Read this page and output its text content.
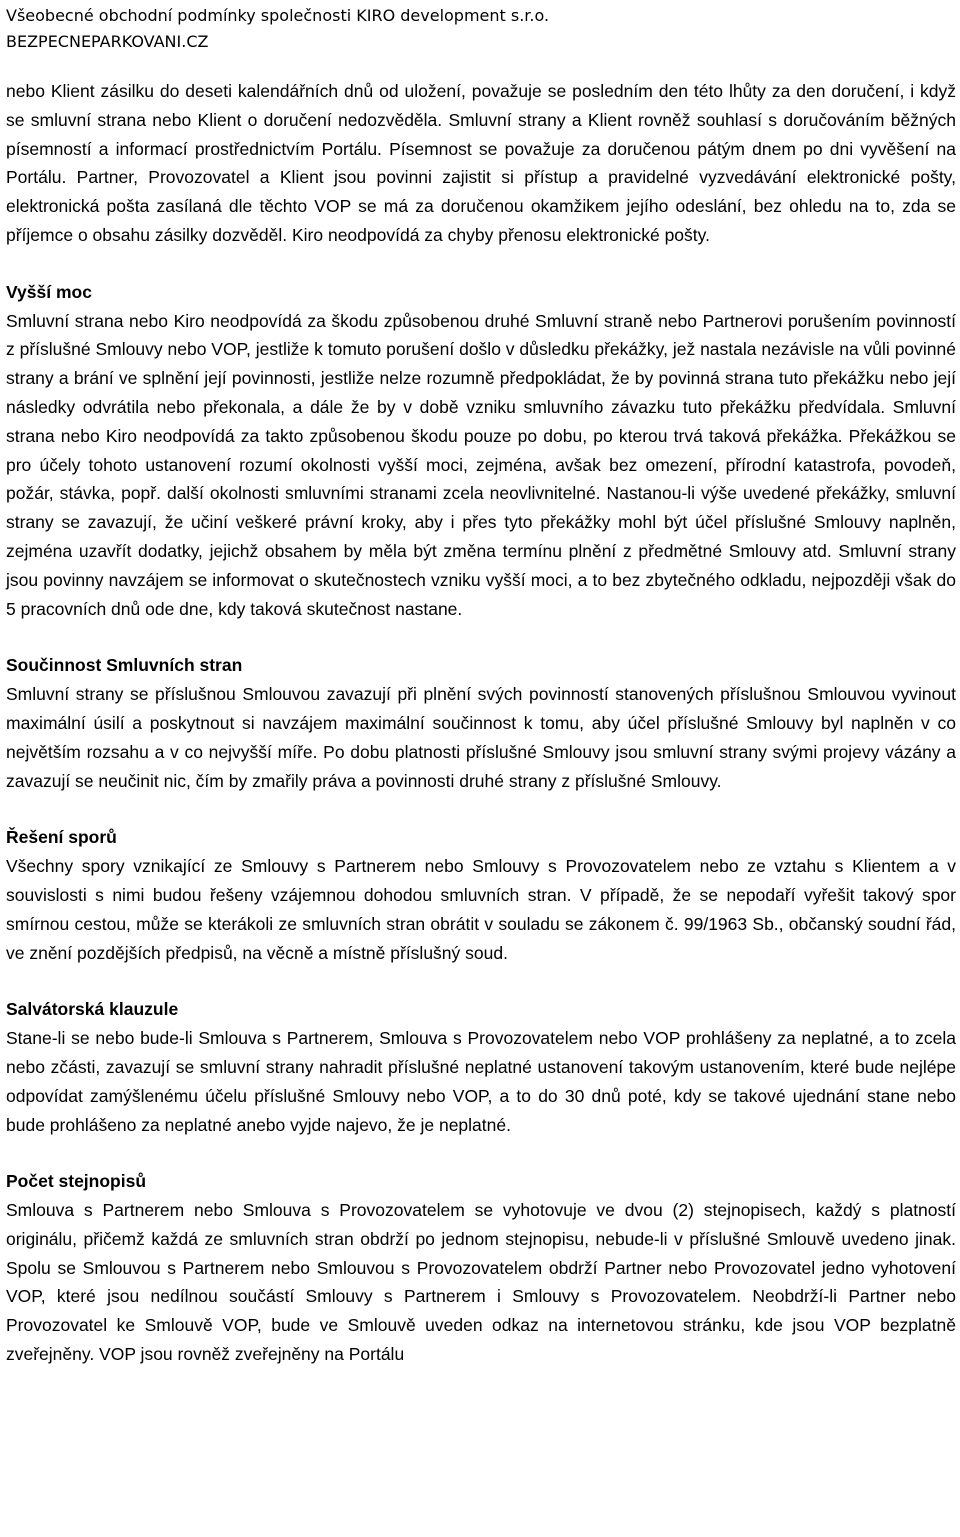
Všeobecné obchodní podmínky společnosti KIRO development s.r.o.
BEZPECNEPARKOVANI.CZ

nebo Klient zásilku do deseti kalendářních dnů od uložení, považuje se posledním den této lhůty za den doručení, i když se smluvní strana nebo Klient o doručení nedozvěděla. Smluvní strany a Klient rovněž souhlasí s doručováním běžných písemností a informací prostřednictvím Portálu. Písemnost se považuje za doručenou pátým dnem po dni vyvěšení na Portálu. Partner, Provozovatel a Klient jsou povinni zajistit si přístup a pravidelné vyzvedávání elektronické pošty, elektronická pošta zasílaná dle těchto VOP se má za doručenou okamžikem jejího odeslání, bez ohledu na to, zda se příjemce o obsahu zásilky dozvěděl. Kiro neodpovídá za chyby přenosu elektronické pošty.

Vyšší moc

Smluvní strana nebo Kiro neodpovídá za škodu způsobenou druhé Smluvní straně nebo Partnerovi porušením povinností z příslušné Smlouvy nebo VOP, jestliže k tomuto porušení došlo v důsledku překážky, jež nastala nezávisle na vůli povinné strany a brání ve splnění její povinnosti, jestliže nelze rozumně předpokládat, že by povinná strana tuto překážku nebo její následky odvrátila nebo překonala, a dále že by v době vzniku smluvního závazku tuto překážku předvídala. Smluvní strana nebo Kiro neodpovídá za takto způsobenou škodu pouze po dobu, po kterou trvá taková překážka. Překážkou se pro účely tohoto ustanovení rozumí okolnosti vyšší moci, zejména, avšak bez omezení, přírodní katastrofa, povodeň, požár, stávka, popř. další okolnosti smluvními stranami zcela neovlivnitelné. Nastanou-li výše uvedené překážky, smluvní strany se zavazují, že učiní veškeré právní kroky, aby i přes tyto překážky mohl být účel příslušné Smlouvy naplněn, zejména uzavřít dodatky, jejichž obsahem by měla být změna termínu plnění z předmětné Smlouvy atd. Smluvní strany jsou povinny navzájem se informovat o skutečnostech vzniku vyšší moci, a to bez zbytečného odkladu, nejpozději však do 5 pracovních dnů ode dne, kdy taková skutečnost nastane.

Součinnost Smluvních stran

Smluvní strany se příslušnou Smlouvou zavazují při plnění svých povinností stanovených příslušnou Smlouvou vyvinout maximální úsilí a poskytnout si navzájem maximální součinnost k tomu, aby účel příslušné Smlouvy byl naplněn v co největším rozsahu a v co nejvyšší míře. Po dobu platnosti příslušné Smlouvy jsou smluvní strany svými projevy vázány a zavazují se neučinit nic, čím by zmařily práva a povinnosti druhé strany z příslušné Smlouvy.

Řešení sporů

Všechny spory vznikající ze Smlouvy s Partnerem nebo Smlouvy s Provozovatelem nebo ze vztahu s Klientem a v souvislosti s nimi budou řešeny vzájemnou dohodou smluvních stran. V případě, že se nepodaří vyřešit takový spor smírnou cestou, může se kterákoli ze smluvních stran obrátit v souladu se zákonem č. 99/1963 Sb., občanský soudní řád, ve znění pozdějších předpisů, na věcně a místně příslušný soud.

Salvátorská klauzule

Stane-li se nebo bude-li Smlouva s Partnerem, Smlouva s Provozovatelem nebo VOP prohlášeny za neplatné, a to zcela nebo zčásti, zavazují se smluvní strany nahradit příslušné neplatné ustanovení takovým ustanovením, které bude nejlépe odpovídat zamýšlenému účelu příslušné Smlouvy nebo VOP, a to do 30 dnů poté, kdy se takové ujednání stane nebo bude prohlášeno za neplatné anebo vyjde najevo, že je neplatné.

Počet stejnopisů

Smlouva s Partnerem nebo Smlouva s Provozovatelem se vyhotovuje ve dvou (2) stejnopisech, každý s platností originálu, přičemž každá ze smluvních stran obdrží po jednom stejnopisu, nebude-li v příslušné Smlouvě uvedeno jinak. Spolu se Smlouvou s Partnerem nebo Smlouvou s Provozovatelem obdrží Partner nebo Provozovatel jedno vyhotovení VOP, které jsou nedílnou součástí Smlouvy s Partnerem i Smlouvy s Provozovatelem. Neobdrží-li Partner nebo Provozovatel ke Smlouvě VOP, bude ve Smlouvě uveden odkaz na internetovou stránku, kde jsou VOP bezplatně zveřejněny. VOP jsou rovněž zveřejněny na Portálu
